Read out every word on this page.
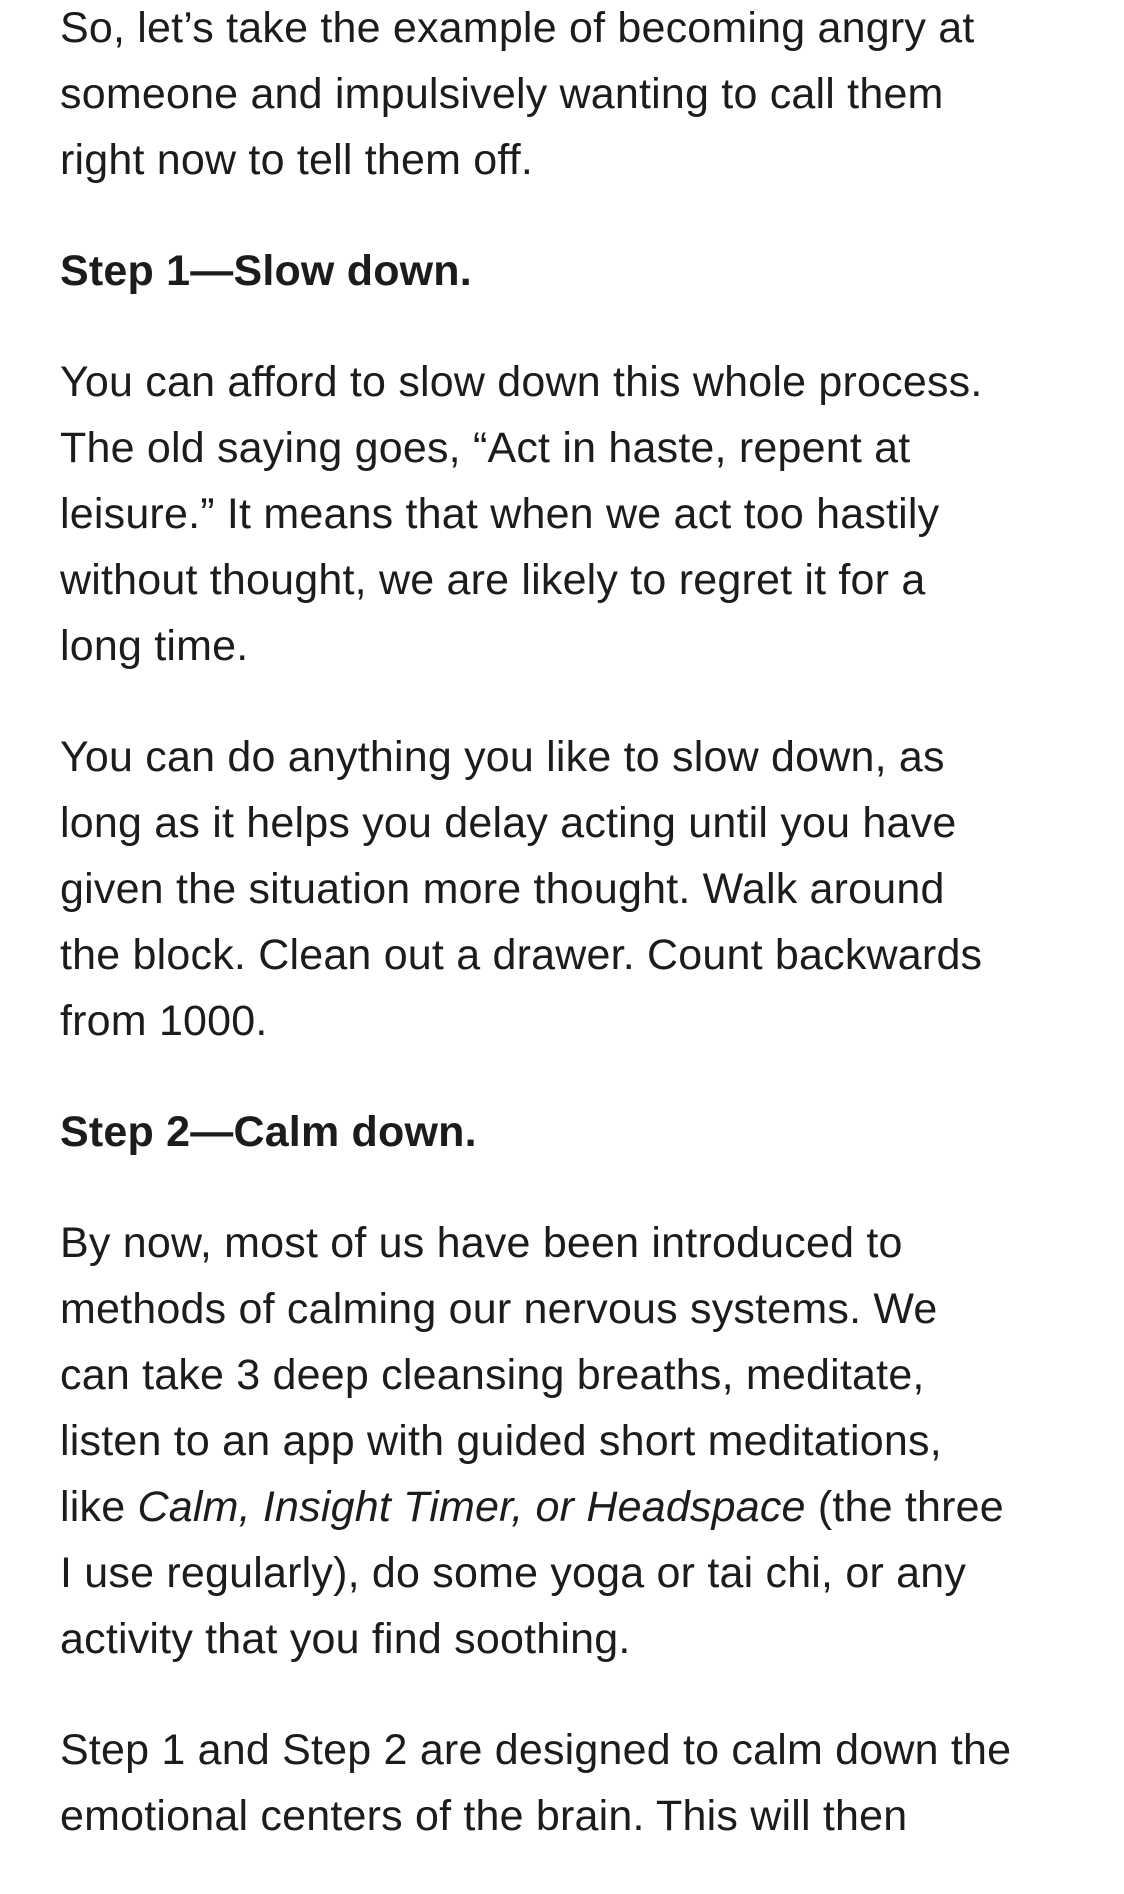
So, let’s take the example of becoming angry at
someone and impulsively wanting to call them
right now to tell them off.

Step 1—Slow down.

You can afford to slow down this whole process.
The old saying goes, “Act in haste, repent at
leisure.” It means that when we act too hastily
without thought, we are likely to regret it for a
long time.

You can do anything you like to slow down, as
long as it helps you delay acting until you have
given the situation more thought. Walk around
the block. Clean out a drawer. Count backwards
from 1000.

Step 2—Calm down.

By now, most of us have been introduced to
methods of calming our nervous systems. We
can take 3 deep cleansing breaths, meditate,
listen to an app with guided short meditations,
like Calm, Insight Timer, or Headspace (the three
I use regularly), do some yoga or tai chi, or any
activity that you find soothing.

Step 1 and Step 2 are designed to calm down the
emotional centers of the brain. This will then
